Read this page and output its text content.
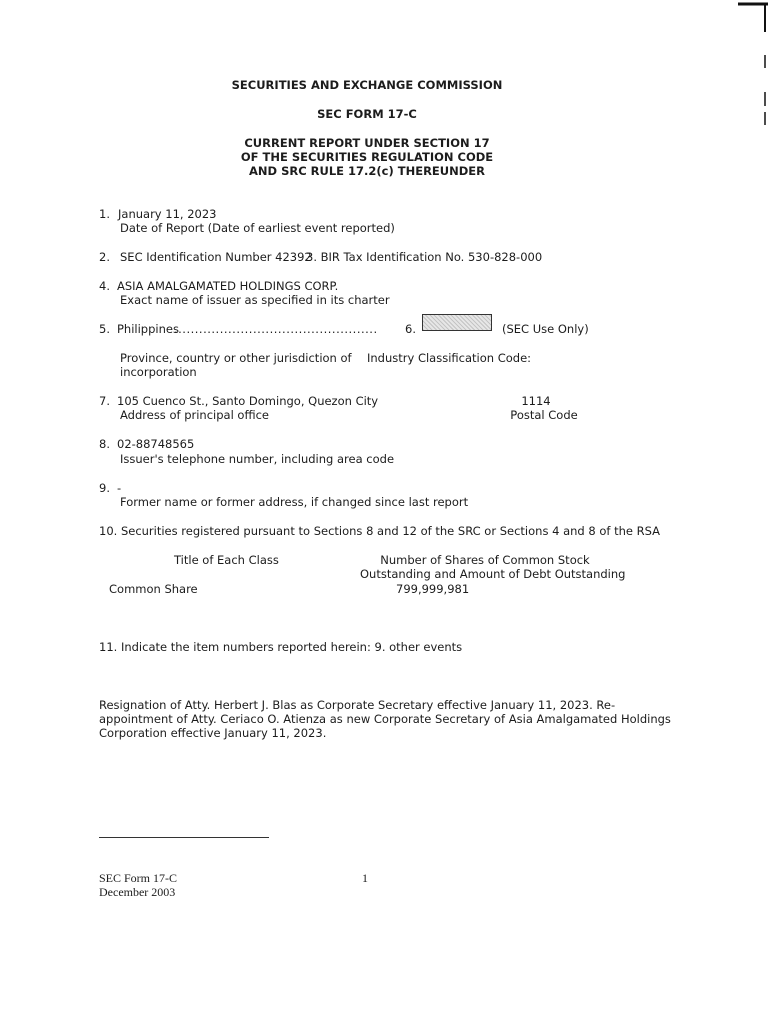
SECURITIES AND EXCHANGE COMMISSION
SEC FORM 17-C
CURRENT REPORT UNDER SECTION 17
OF THE SECURITIES REGULATION CODE
AND SRC RULE 17.2(c) THEREUNDER
1. January 11, 2023
Date of Report (Date of earliest event reported)
2. SEC Identification Number 42392
3. BIR Tax Identification No. 530-828-000
4. ASIA AMALGAMATED HOLDINGS CORP.
Exact name of issuer as specified in its charter
5. Philippines
................................................. 6.	(SEC Use Only)
Province, country or other jurisdiction of
incorporation
Industry Classification Code:
7. 105 Cuenco St., Santo Domingo, Quezon City
Address of principal office
1114
Postal Code
8. 02-88748565
Issuer's telephone number, including area code
9. -
Former name or former address, if changed since last report
10. Securities registered pursuant to Sections 8 and 12 of the SRC or Sections 4 and 8 of the RSA
Title of Each Class	Number of Shares of Common Stock
Outstanding and Amount of Debt Outstanding
Common Share	799,999,981
11. Indicate the item numbers reported herein: 9. other events
Resignation of Atty. Herbert J. Blas as Corporate Secretary effective January 11, 2023. Re-
appointment of Atty. Ceriaco O. Atienza as new Corporate Secretary of Asia Amalgamated Holdings
Corporation effective January 11, 2023.
SEC Form 17-C
December 2003
1
